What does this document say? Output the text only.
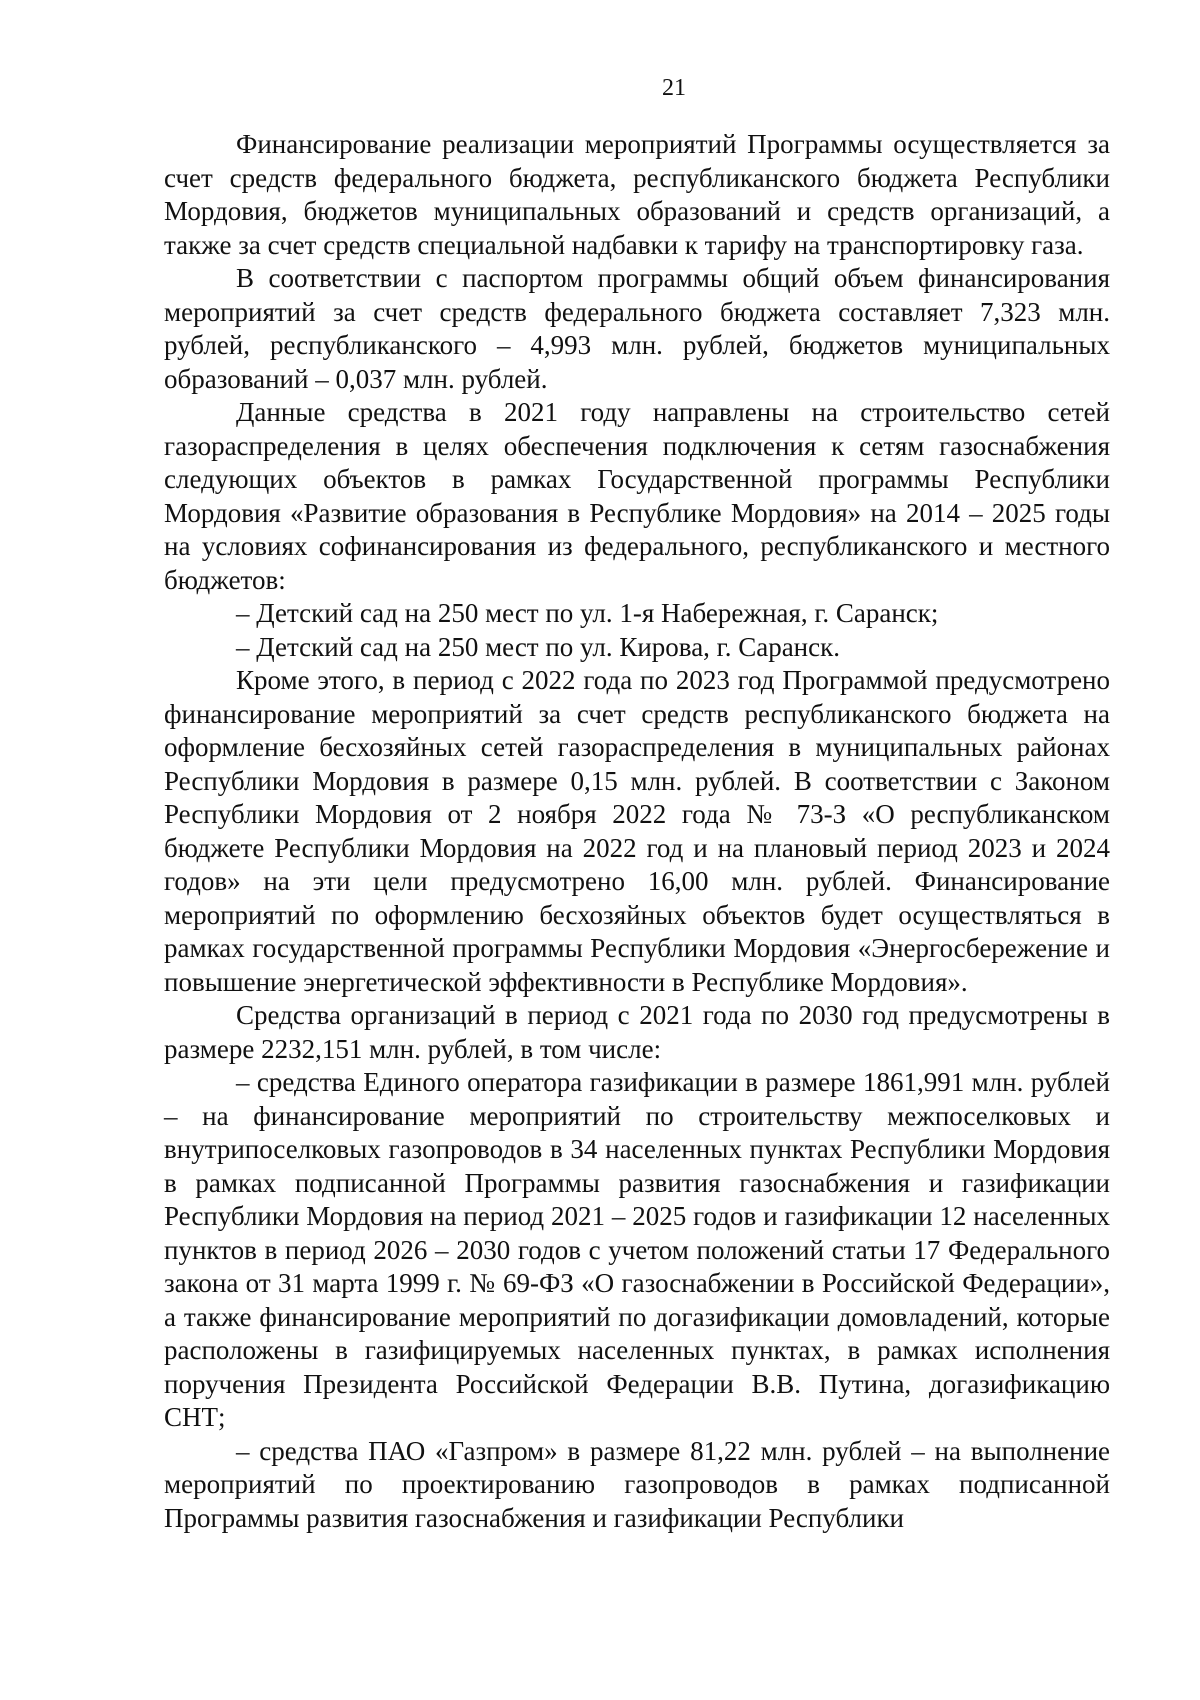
21

Финансирование реализации мероприятий Программы осуществляется за счет средств федерального бюджета, республиканского бюджета Республики Мордовия, бюджетов муниципальных образований и средств организаций, а также за счет средств специальной надбавки к тарифу на транспортировку газа.

В соответствии с паспортом программы общий объем финансирования мероприятий за счет средств федерального бюджета составляет 7,323 млн. рублей, республиканского – 4,993 млн. рублей, бюджетов муниципальных образований – 0,037 млн. рублей.

Данные средства в 2021 году направлены на строительство сетей газораспределения в целях обеспечения подключения к сетям газоснабжения следующих объектов в рамках Государственной программы Республики Мордовия «Развитие образования в Республике Мордовия» на 2014 – 2025 годы на условиях софинансирования из федерального, республиканского и местного бюджетов:

– Детский сад на 250 мест по ул. 1-я Набережная, г. Саранск;

– Детский сад на 250 мест по ул. Кирова, г. Саранск.

Кроме этого, в период с 2022 года по 2023 год Программой предусмотрено финансирование мероприятий за счет средств республиканского бюджета на оформление бесхозяйных сетей газораспределения в муниципальных районах Республики Мордовия в размере 0,15 млн. рублей. В соответствии с Законом Республики Мордовия от 2 ноября 2022 года № 73-З «О республиканском бюджете Республики Мордовия на 2022 год и на плановый период 2023 и 2024 годов» на эти цели предусмотрено 16,00 млн. рублей. Финансирование мероприятий по оформлению бесхозяйных объектов будет осуществляться в рамках государственной программы Республики Мордовия «Энергосбережение и повышение энергетической эффективности в Республике Мордовия».

Средства организаций в период с 2021 года по 2030 год предусмотрены в размере 2232,151 млн. рублей, в том числе:

– средства Единого оператора газификации в размере 1861,991 млн. рублей – на финансирование мероприятий по строительству межпоселковых и внутрипоселковых газопроводов в 34 населенных пунктах Республики Мордовия в рамках подписанной Программы развития газоснабжения и газификации Республики Мордовия на период 2021 – 2025 годов и газификации 12 населенных пунктов в период 2026 – 2030 годов с учетом положений статьи 17 Федерального закона от 31 марта 1999 г. № 69-ФЗ «О газоснабжении в Российской Федерации», а также финансирование мероприятий по догазификации домовладений, которые расположены в газифицируемых населенных пунктах, в рамках исполнения поручения Президента Российской Федерации В.В. Путина, догазификацию СНТ;

– средства ПАО «Газпром» в размере 81,22 млн. рублей – на выполнение мероприятий по проектированию газопроводов в рамках подписанной Программы развития газоснабжения и газификации Республики
